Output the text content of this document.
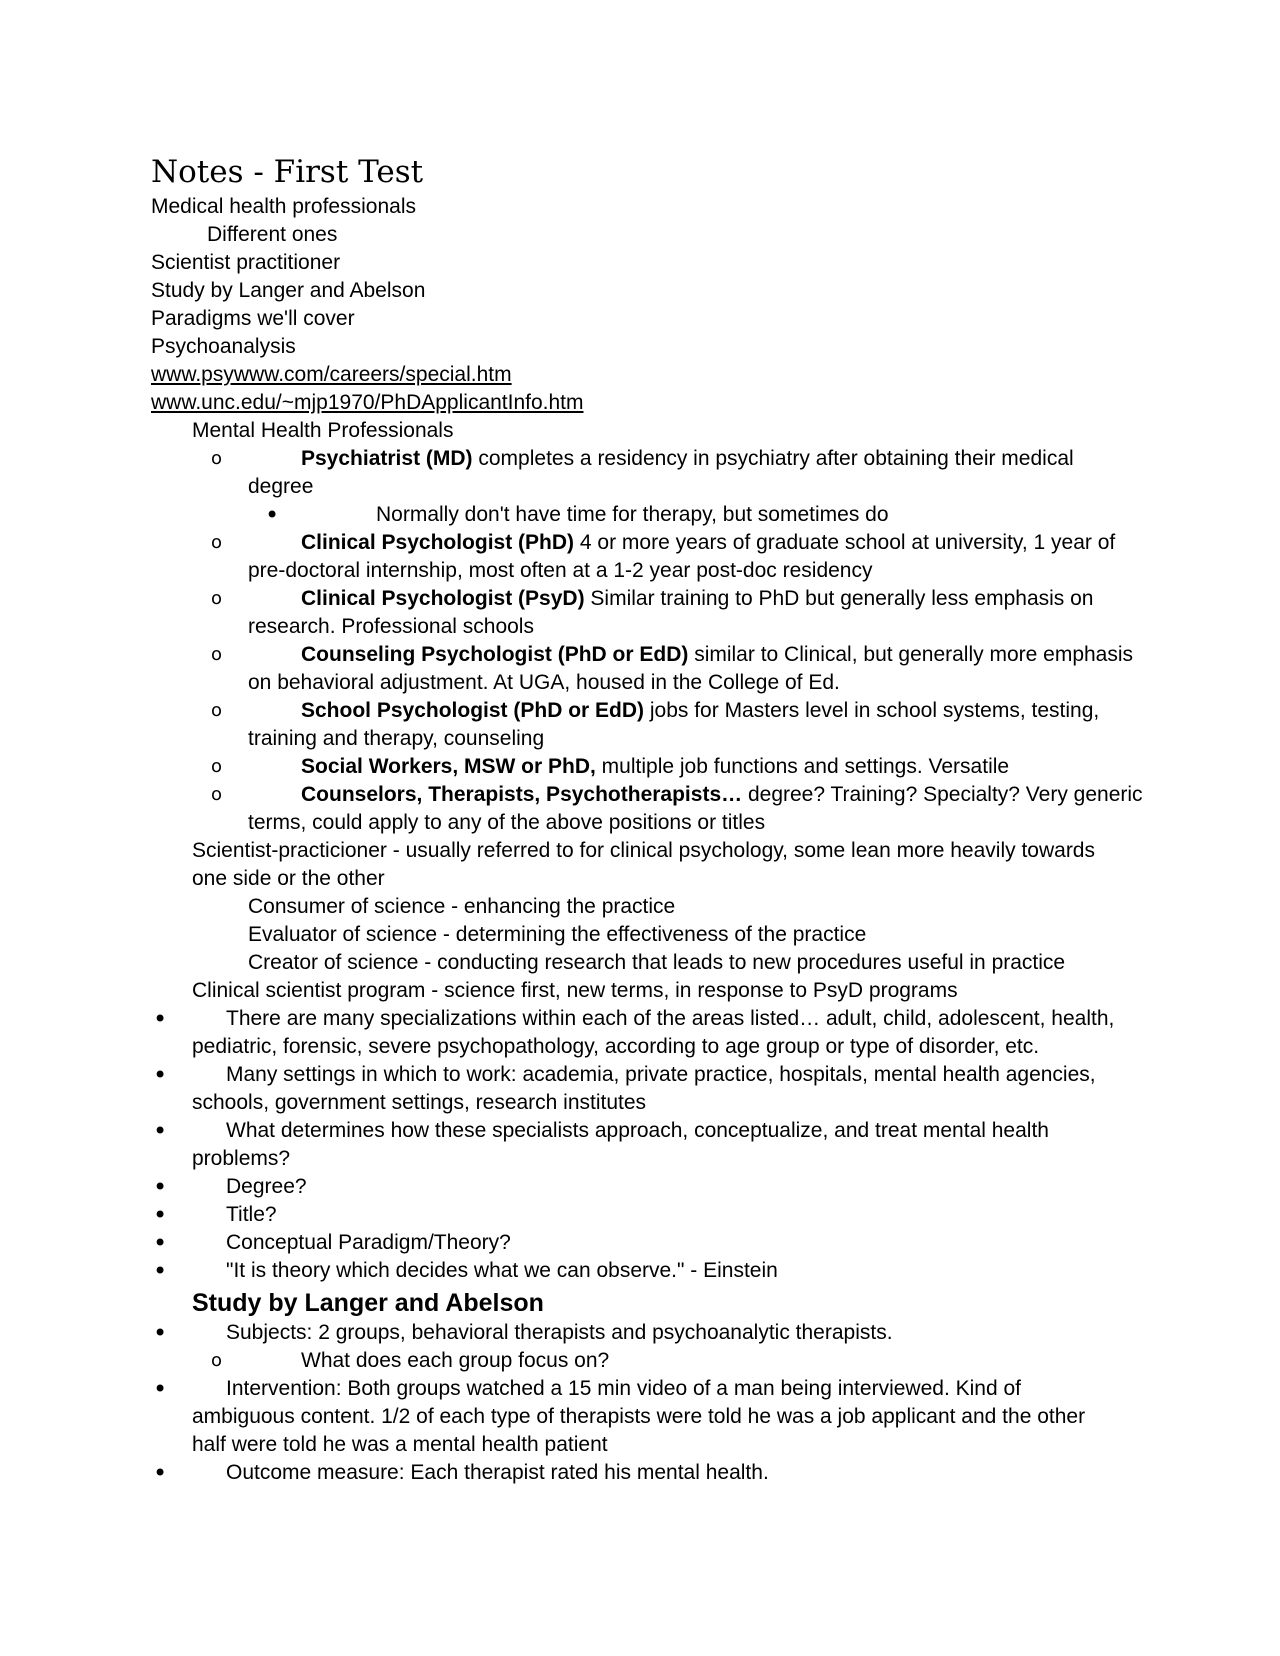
Notes - First Test
Medical health professionals
Different ones
Scientist practitioner
Study by Langer and Abelson
Paradigms we'll cover
Psychoanalysis
www.psywww.com/careers/special.htm
www.unc.edu/~mjp1970/PhDApplicantInfo.htm
Mental Health Professionals
o	Psychiatrist (MD) completes a residency in psychiatry after obtaining their medical
degree
•	Normally don't have time for therapy, but sometimes do
o	Clinical Psychologist (PhD) 4 or more years of graduate school at university, 1 year of
pre-doctoral internship, most often at a 1-2 year post-doc residency
o	Clinical Psychologist (PsyD) Similar training to PhD but generally less emphasis on
research. Professional schools
o	Counseling Psychologist (PhD or EdD) similar to Clinical, but generally more emphasis
on behavioral adjustment. At UGA, housed in the College of Ed.
o	School Psychologist (PhD or EdD) jobs for Masters level in school systems, testing,
training and therapy, counseling
o	Social Workers, MSW or PhD, multiple job functions and settings. Versatile
o	Counselors, Therapists, Psychotherapists… degree? Training? Specialty? Very generic
terms, could apply to any of the above positions or titles
Scientist-practicioner - usually referred to for clinical psychology, some lean more heavily towards
one side or the other
Consumer of science - enhancing the practice
Evaluator of science - determining the effectiveness of the practice
Creator of science - conducting research that leads to new procedures useful in practice
Clinical scientist program - science first, new terms, in response to PsyD programs
•	There are many specializations within each of the areas listed… adult, child, adolescent, health,
pediatric, forensic, severe psychopathology, according to age group or type of disorder, etc.
•	Many settings in which to work: academia, private practice, hospitals, mental health agencies,
schools, government settings, research institutes
•	What determines how these specialists approach, conceptualize, and treat mental health
problems?
•	Degree?
•	Title?
•	Conceptual Paradigm/Theory?
•	"It is theory which decides what we can observe." - Einstein
Study by Langer and Abelson
•	Subjects: 2 groups, behavioral therapists and psychoanalytic therapists.
o	What does each group focus on?
•	Intervention: Both groups watched a 15 min video of a man being interviewed. Kind of
ambiguous content. 1/2 of each type of therapists were told he was a job applicant and the other
half were told he was a mental health patient
•	Outcome measure: Each therapist rated his mental health.
